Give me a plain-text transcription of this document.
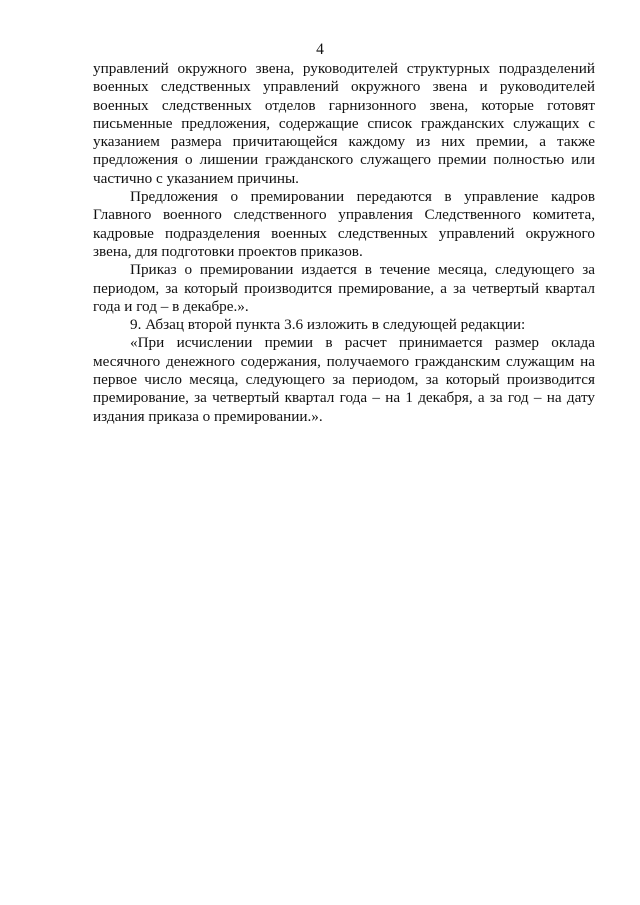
4

управлений окружного звена, руководителей структурных подразделений военных следственных управлений окружного звена и руководителей военных следственных отделов гарнизонного звена, которые готовят письменные предложения, содержащие список гражданских служащих с указанием размера причитающейся каждому из них премии, а также предложения о лишении гражданского служащего премии полностью или частично с указанием причины.

Предложения о премировании передаются в управление кадров Главного военного следственного управления Следственного комитета, кадровые подразделения военных следственных управлений окружного звена, для подготовки проектов приказов.

Приказ о премировании издается в течение месяца, следующего за периодом, за который производится премирование, а за четвертый квартал года и год – в декабре.».

9. Абзац второй пункта 3.6 изложить в следующей редакции:

«При исчислении премии в расчет принимается размер оклада месячного денежного содержания, получаемого гражданским служащим на первое число месяца, следующего за периодом, за который производится премирование, за четвертый квартал года – на 1 декабря, а за год – на дату издания приказа о премировании.».
